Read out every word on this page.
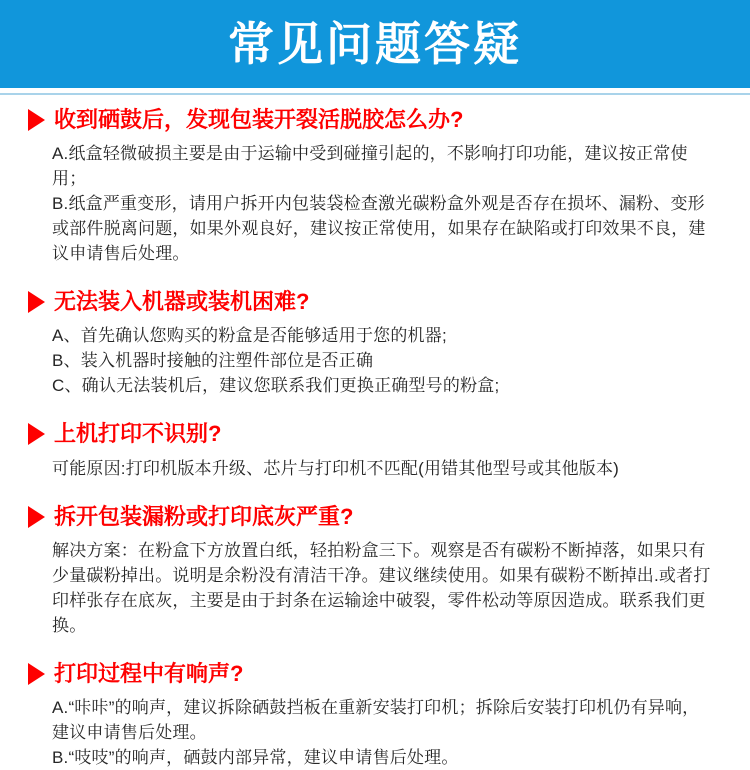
常见问题答疑
收到硒鼓后，发现包装开裂活脱胶怎么办?

A.纸盒轻微破损主要是由于运输中受到碰撞引起的，不影响打印功能，建议按正常使用；

B.纸盒严重变形，请用户拆开内包装袋检查激光碳粉盒外观是否存在损坏、漏粉、变形或部件脱离问题，如果外观良好，建议按正常使用，如果存在缺陷或打印效果不良，建议申请售后处理。

无法装入机器或装机困难?

A、首先确认您购买的粉盒是否能够适用于您的机器;

B、装入机器时接触的注塑件部位是否正确

C、确认无法装机后，建议您联系我们更换正确型号的粉盒;

上机打印不识别?

可能原因:打印机版本升级、芯片与打印机不匹配(用错其他型号或其他版本)

拆开包装漏粉或打印底灰严重?

解决方案：在粉盒下方放置白纸，轻拍粉盒三下。观察是否有碳粉不断掉落，如果只有少量碳粉掉出。说明是余粉没有清洁干净。建议继续使用。如果有碳粉不断掉出.或者打印样张存在底灰，主要是由于封条在运输途中破裂，零件松动等原因造成。联系我们更换。

打印过程中有响声?

A.“咔咔”的响声，建议拆除硒鼓挡板在重新安装打印机；拆除后安装打印机仍有异响，建议申请售后处理。

B.“吱吱”的响声，硒鼓内部异常，建议申请售后处理。
